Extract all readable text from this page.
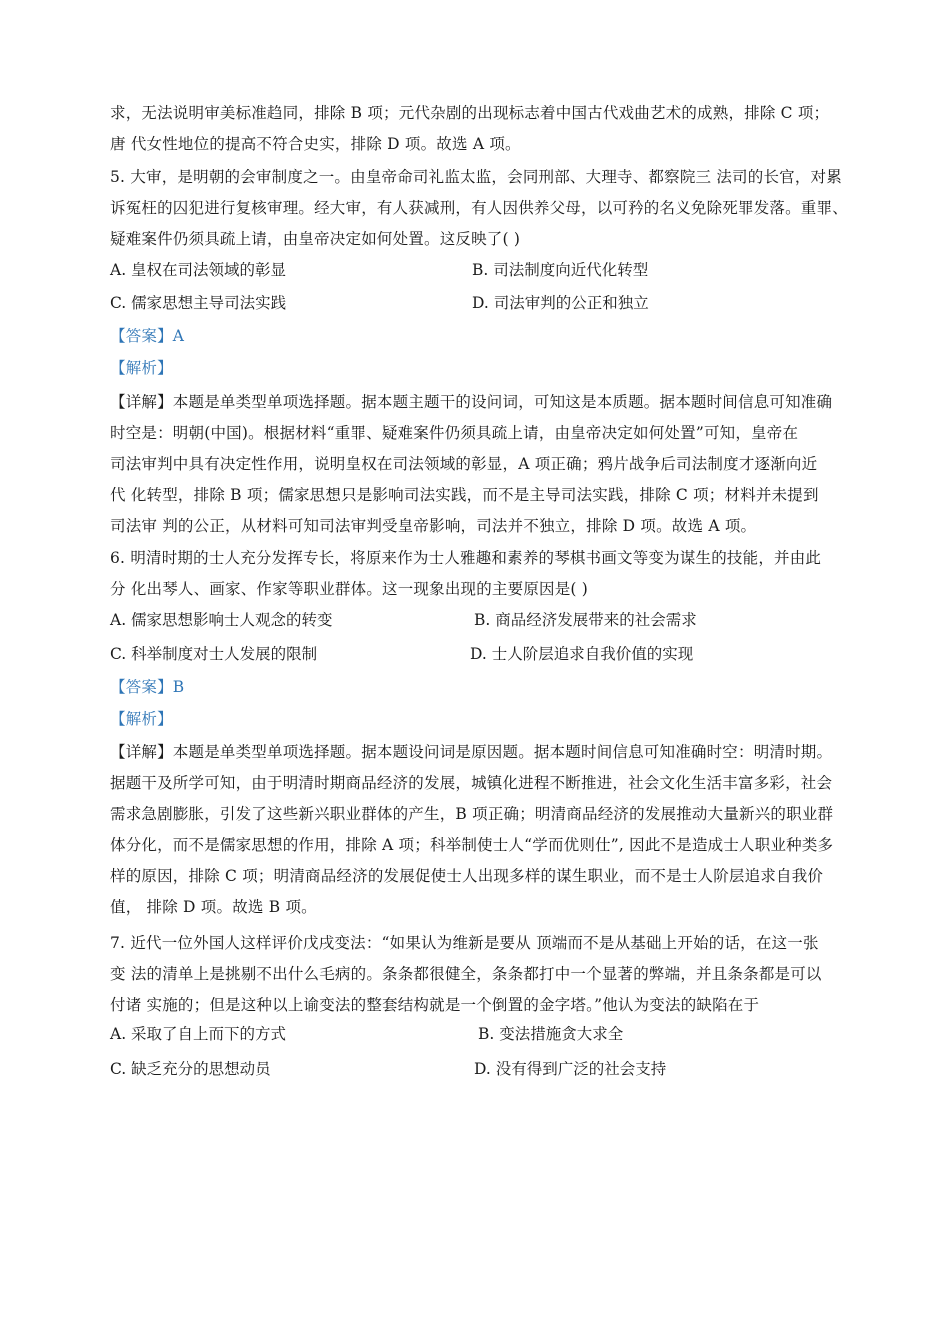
求，无法说明审美标准趋同，排除 B 项；元代杂剧的出现标志着中国古代戏曲艺术的成熟，排除 C 项；
唐 代女性地位的提高不符合史实，排除 D 项。故选 A 项。
5. 大审，是明朝的会审制度之一。由皇帝命司礼监太监，会同刑部、大理寺、都察院三 法司的长官，对累
诉冤枉的囚犯进行复核审理。经大审，有人获减刑，有人因供养父母，以可矜的名义免除死罪发落。重罪、
疑难案件仍须具疏上请，由皇帝决定如何处置。这反映了( )
A. 皇权在司法领域的彰显	B. 司法制度向近代化转型
C. 儒家思想主导司法实践	D. 司法审判的公正和独立
【答案】A
【解析】
【详解】本题是单类型单项选择题。据本题主题干的设问词，可知这是本质题。据本题时间信息可知准确
时空是：明朝(中国)。根据材料“重罪、疑难案件仍须具疏上请，由皇帝决定如何处置”可知，皇帝在
司法审判中具有决定性作用，说明皇权在司法领域的彰显，A 项正确；鸦片战争后司法制度才逐渐向近
代 化转型，排除 B 项；儒家思想只是影响司法实践，而不是主导司法实践，排除 C 项；材料并未提到
司法审 判的公正，从材料可知司法审判受皇帝影响，司法并不独立，排除 D 项。故选 A 项。
6. 明清时期的士人充分发挥专长，将原来作为士人雅趣和素养的琴棋书画文等变为谋生的技能，并由此
分 化出琴人、画家、作家等职业群体。这一现象出现的主要原因是( )
A. 儒家思想影响士人观念的转变	B. 商品经济发展带来的社会需求
C. 科举制度对士人发展的限制	D. 士人阶层追求自我价值的实现
【答案】B
【解析】
【详解】本题是单类型单项选择题。据本题设问词是原因题。据本题时间信息可知准确时空：明清时期。
据题干及所学可知，由于明清时期商品经济的发展，城镇化进程不断推进，社会文化生活丰富多彩，社会
需求急剧膨胀，引发了这些新兴职业群体的产生，B 项正确；明清商品经济的发展推动大量新兴的职业群
体分化，而不是儒家思想的作用，排除 A 项；科举制使士人“学而优则仕”, 因此不是造成士人职业种类多
样的原因，排除 C 项；明清商品经济的发展促使士人出现多样的谋生职业，而不是士人阶层追求自我价
值， 排除 D 项。故选 B 项。
7. 近代一位外国人这样评价戊戌变法：“如果认为维新是要从 顶端而不是从基础上开始的话，在这一张
变 法的清单上是挑剔不出什么毛病的。条条都很健全，条条都打中一个显著的弊端，并且条条都是可以
付诸 实施的；但是这种以上谕变法的整套结构就是一个倒置的金字塔。”他认为变法的缺陷在于
A. 采取了自上而下的方式	B. 变法措施贪大求全
C. 缺乏充分的思想动员	D. 没有得到广泛的社会支持
